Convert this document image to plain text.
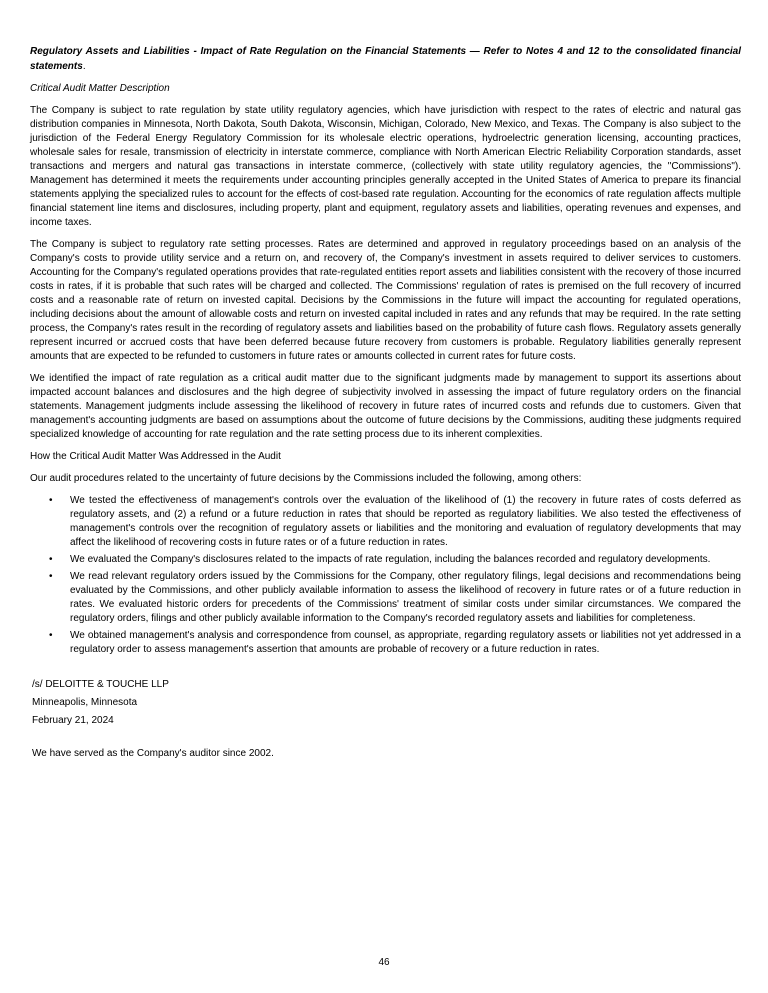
Regulatory Assets and Liabilities - Impact of Rate Regulation on the Financial Statements — Refer to Notes 4 and 12 to the consolidated financial statements.

Critical Audit Matter Description

The Company is subject to rate regulation by state utility regulatory agencies, which have jurisdiction with respect to the rates of electric and natural gas distribution companies in Minnesota, North Dakota, South Dakota, Wisconsin, Michigan, Colorado, New Mexico, and Texas. The Company is also subject to the jurisdiction of the Federal Energy Regulatory Commission for its wholesale electric operations, hydroelectric generation licensing, accounting practices, wholesale sales for resale, transmission of electricity in interstate commerce, compliance with North American Electric Reliability Corporation standards, asset transactions and mergers and natural gas transactions in interstate commerce, (collectively with state utility regulatory agencies, the "Commissions"). Management has determined it meets the requirements under accounting principles generally accepted in the United States of America to prepare its financial statements applying the specialized rules to account for the effects of cost-based rate regulation. Accounting for the economics of rate regulation affects multiple financial statement line items and disclosures, including property, plant and equipment, regulatory assets and liabilities, operating revenues and expenses, and income taxes.

The Company is subject to regulatory rate setting processes. Rates are determined and approved in regulatory proceedings based on an analysis of the Company's costs to provide utility service and a return on, and recovery of, the Company's investment in assets required to deliver services to customers. Accounting for the Company's regulated operations provides that rate-regulated entities report assets and liabilities consistent with the recovery of those incurred costs in rates, if it is probable that such rates will be charged and collected. The Commissions' regulation of rates is premised on the full recovery of incurred costs and a reasonable rate of return on invested capital. Decisions by the Commissions in the future will impact the accounting for regulated operations, including decisions about the amount of allowable costs and return on invested capital included in rates and any refunds that may be required. In the rate setting process, the Company's rates result in the recording of regulatory assets and liabilities based on the probability of future cash flows. Regulatory assets generally represent incurred or accrued costs that have been deferred because future recovery from customers is probable. Regulatory liabilities generally represent amounts that are expected to be refunded to customers in future rates or amounts collected in current rates for future costs.

We identified the impact of rate regulation as a critical audit matter due to the significant judgments made by management to support its assertions about impacted account balances and disclosures and the high degree of subjectivity involved in assessing the impact of future regulatory orders on the financial statements. Management judgments include assessing the likelihood of recovery in future rates of incurred costs and refunds due to customers. Given that management's accounting judgments are based on assumptions about the outcome of future decisions by the Commissions, auditing these judgments required specialized knowledge of accounting for rate regulation and the rate setting process due to its inherent complexities.

How the Critical Audit Matter Was Addressed in the Audit

Our audit procedures related to the uncertainty of future decisions by the Commissions included the following, among others:

•	We tested the effectiveness of management's controls over the evaluation of the likelihood of (1) the recovery in future rates of costs deferred as regulatory assets, and (2) a refund or a future reduction in rates that should be reported as regulatory liabilities. We also tested the effectiveness of management's controls over the recognition of regulatory assets or liabilities and the monitoring and evaluation of regulatory developments that may affect the likelihood of recovering costs in future rates or of a future reduction in rates.
•	We evaluated the Company's disclosures related to the impacts of rate regulation, including the balances recorded and regulatory developments.
•	We read relevant regulatory orders issued by the Commissions for the Company, other regulatory filings, legal decisions and recommendations being evaluated by the Commissions, and other publicly available information to assess the likelihood of recovery in future rates or of a future reduction in rates. We evaluated historic orders for precedents of the Commissions' treatment of similar costs under similar circumstances. We compared the regulatory orders, filings and other publicly available information to the Company's recorded regulatory assets and liabilities for completeness.
•	We obtained management's analysis and correspondence from counsel, as appropriate, regarding regulatory assets or liabilities not yet addressed in a regulatory order to assess management's assertion that amounts are probable of recovery or a future reduction in rates.

/s/ DELOITTE & TOUCHE LLP

Minneapolis, Minnesota

February 21, 2024

We have served as the Company's auditor since 2002.

46
